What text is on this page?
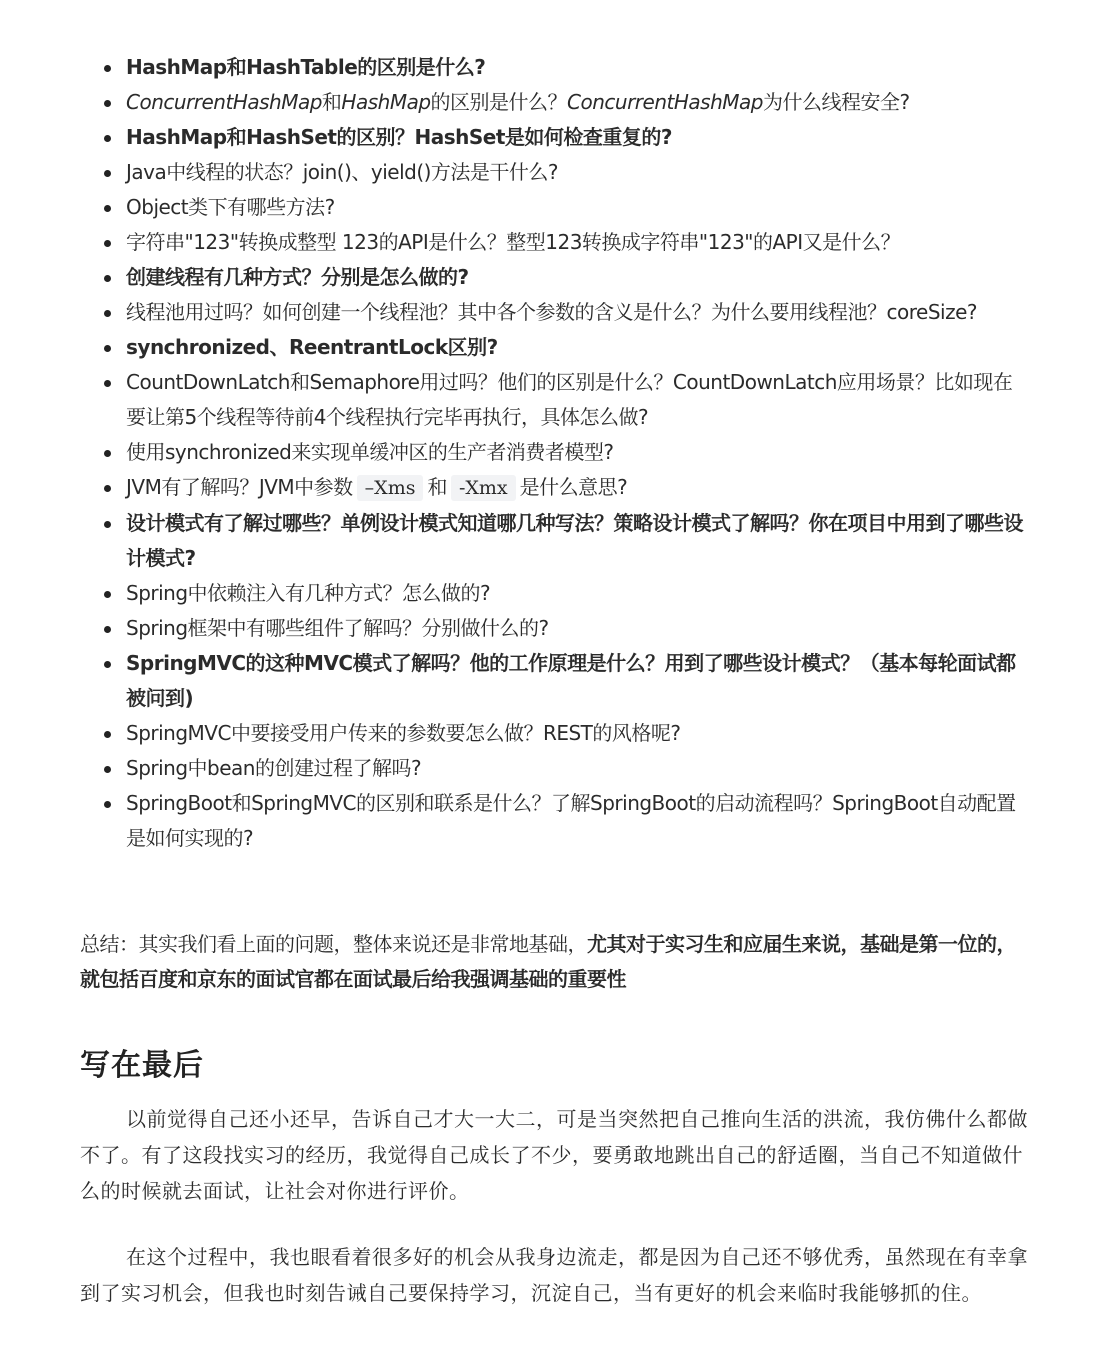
HashMap和HashTable的区别是什么?
ConcurrentHashMap和HashMap的区别是什么？ConcurrentHashMap为什么线程安全?
HashMap和HashSet的区别？HashSet是如何检查重复的?
Java中线程的状态？join()、yield()方法是干什么?
Object类下有哪些方法?
字符串"123"转换成整型 123的API是什么？整型123转换成字符串"123"的API又是什么？
创建线程有几种方式？分别是怎么做的?
线程池用过吗？如何创建一个线程池？其中各个参数的含义是什么？为什么要用线程池？coreSize?
synchronized、ReentrantLock区别?
CountDownLatch和Semaphore用过吗？他们的区别是什么？CountDownLatch应用场景？比如现在要让第5个线程等待前4个线程执行完毕再执行，具体怎么做?
使用synchronized来实现单缓冲区的生产者消费者模型?
JVM有了解吗？JVM中参数 –Xms 和 -Xmx 是什么意思?
设计模式有了解过哪些？单例设计模式知道哪几种写法？策略设计模式了解吗？你在项目中用到了哪些设计模式?
Spring中依赖注入有几种方式？怎么做的?
Spring框架中有哪些组件了解吗？分别做什么的?
SpringMVC的这种MVC模式了解吗？他的工作原理是什么？用到了哪些设计模式？（基本每轮面试都被问到)
SpringMVC中要接受用户传来的参数要怎么做？REST的风格呢?
Spring中bean的创建过程了解吗?
SpringBoot和SpringMVC的区别和联系是什么？了解SpringBoot的启动流程吗？SpringBoot自动配置是如何实现的?
总结：其实我们看上面的问题，整体来说还是非常地基础，尤其对于实习生和应届生来说，基础是第一位的，就包括百度和京东的面试官都在面试最后给我强调基础的重要性
写在最后

以前觉得自己还小还早，告诉自己才大一大二，可是当突然把自己推向生活的洪流，我仿佛什么都做不了。有了这段找实习的经历，我觉得自己成长了不少，要勇敢地跳出自己的舒适圈，当自己不知道做什么的时候就去面试，让社会对你进行评价。

在这个过程中，我也眼看着很多好的机会从我身边流走，都是因为自己还不够优秀，虽然现在有幸拿到了实习机会，但我也时刻告诫自己要保持学习，沉淀自己，当有更好的机会来临时我能够抓的住。
